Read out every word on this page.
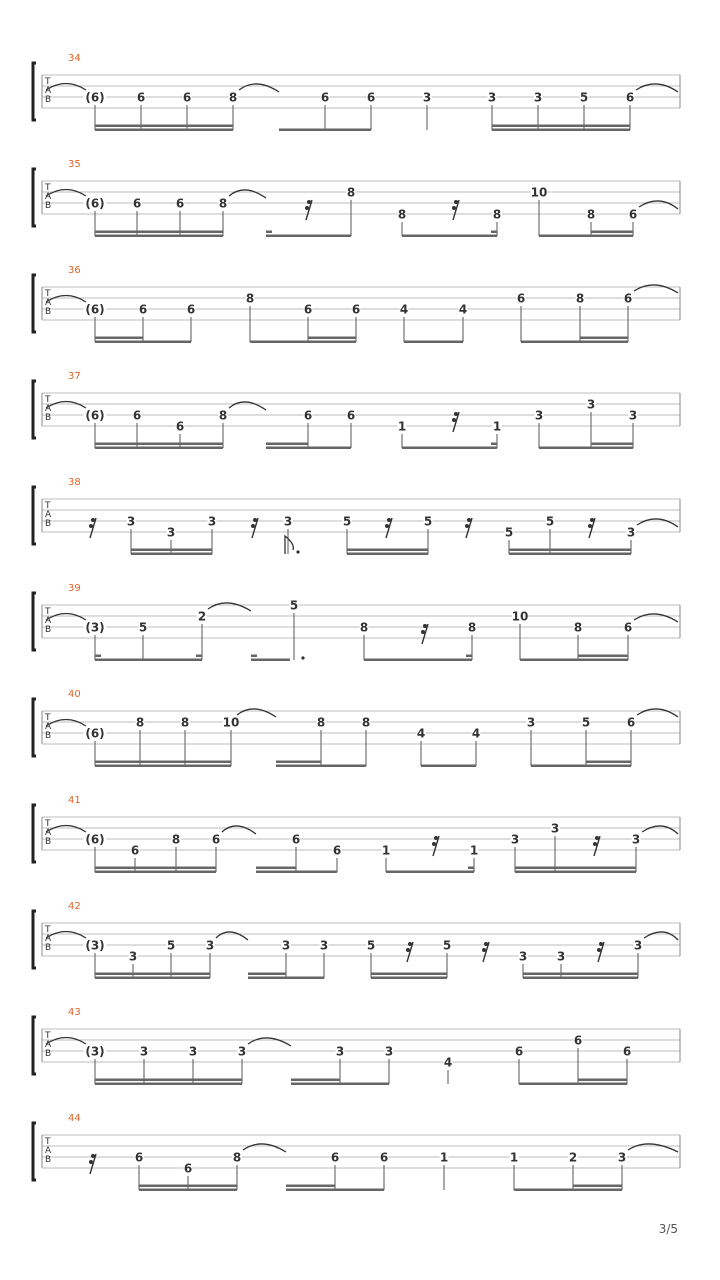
T
A
B
34
(6)	6	6	8	6	6	3	3	3	5	6
T
A
B
35
(6) 6	6	8
8
8	8
10
8	6
T
A
B
36
(6)	6	6
8
6	6	4	4
6	8	6
T
A
B
37
(6) 6
6
8	6	6
1	1
3
3
3
T
A
B
38
3
3
3	3	5	5
5
5
3
T
A
B
39
(3)	5
2
5
8	8
10
8	6
T
A
B
40
(6)
8	8	10	8	8
4	4
3	5	6
T
A
B
41
(6)
6
8	6	6
6	1	1
3
3
3
T
A
B
42
(3)
3
5	3	3 3	5	5
3 3
3
T
A
B
43
(3)	3	3	3	3	3
4
6
6
6
T
A
B
44
6
6
8	6	6	1	1	2	3
3/5
